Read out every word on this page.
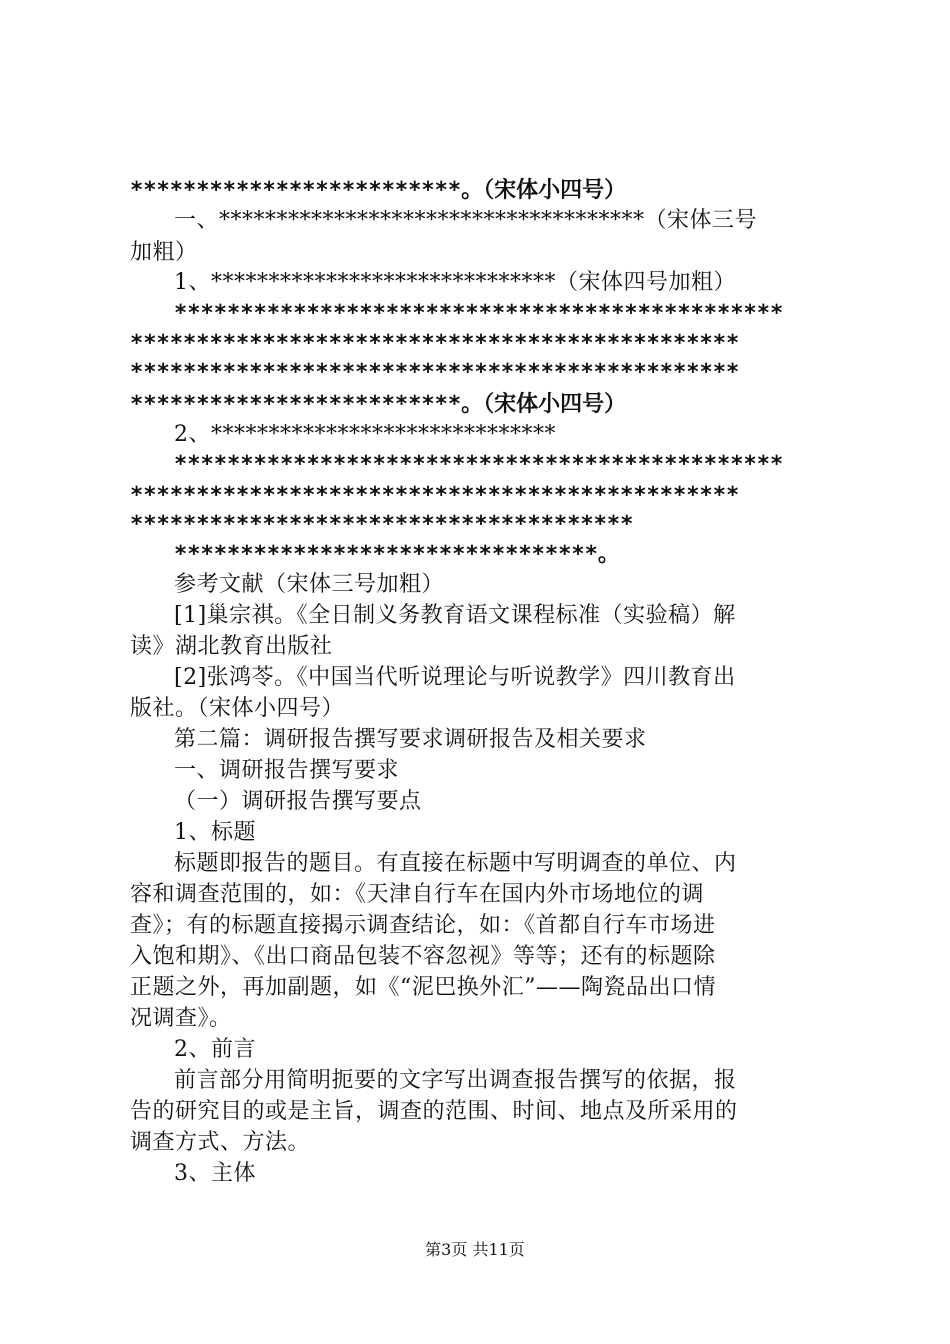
*************************。（宋体小四号）
一、*************************************（宋体三号
加粗）
1、******************************（宋体四号加粗）
**********************************************
**********************************************
**********************************************
*************************。（宋体小四号）
2、******************************
**********************************************
**********************************************
**************************************
********************************。
参考文献（宋体三号加粗）
[1]巢宗祺。《全日制义务教育语文课程标准（实验稿）解
读》湖北教育出版社
[2]张鸿苓。《中国当代听说理论与听说教学》四川教育出
版社。（宋体小四号）
第二篇：调研报告撰写要求调研报告及相关要求
一、调研报告撰写要求
（一）调研报告撰写要点
1、标题
标题即报告的题目。有直接在标题中写明调查的单位、内
容和调查范围的，如：《天津自行车在国内外市场地位的调
查》；有的标题直接揭示调查结论，如：《首都自行车市场进
入饱和期》、《出口商品包装不容忽视》等等；还有的标题除
正题之外，再加副题，如《“泥巴换外汇”——陶瓷品出口情
况调查》。
2、前言
前言部分用简明扼要的文字写出调查报告撰写的依据，报
告的研究目的或是主旨，调查的范围、时间、地点及所采用的
调查方式、方法。
3、主体
第3页 共11页
